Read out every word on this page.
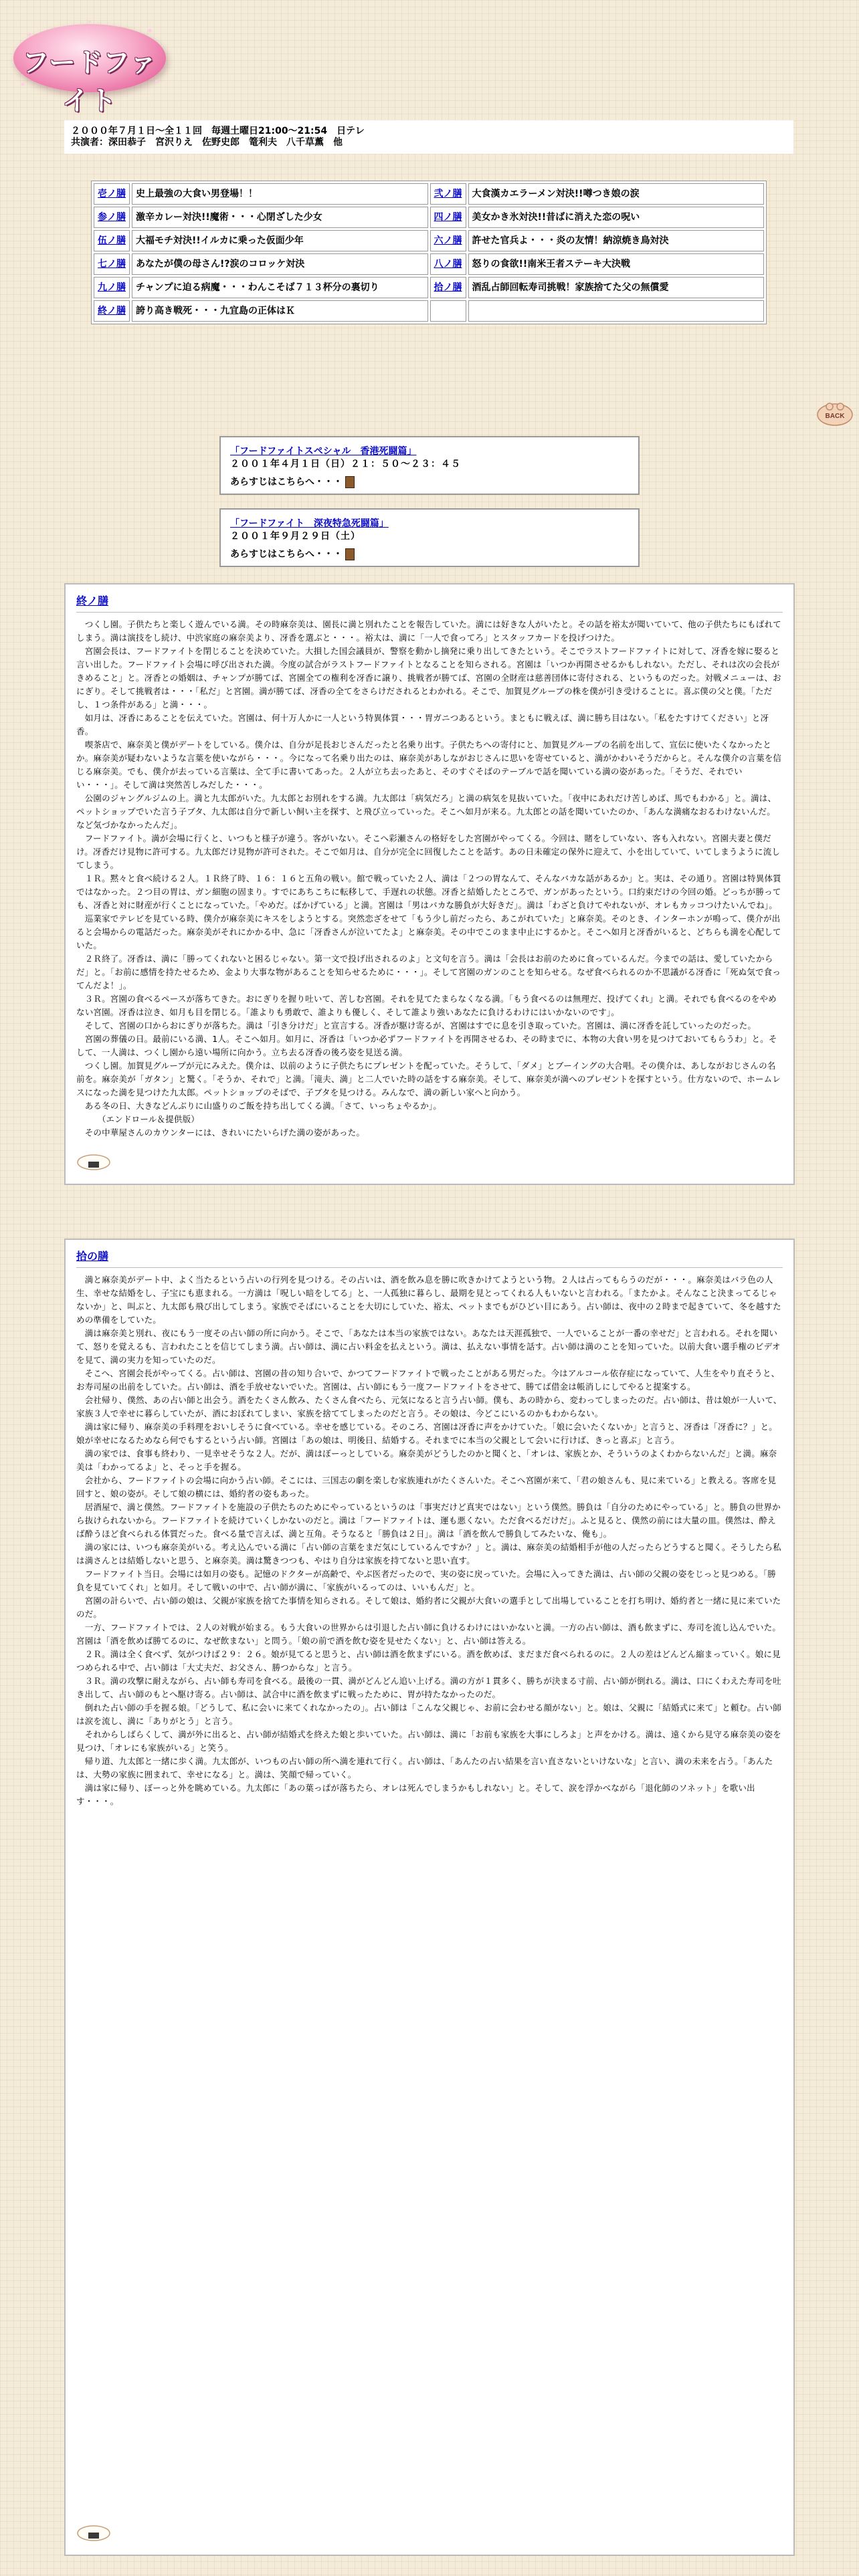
フードファイト
２０００年７月１日～全１１回　毎週土曜日21:00～21:54　日テレ
共演者：深田恭子　宮沢りえ　佐野史郎　篭利夫　八千草薫　他
壱ノ膳	史上最強の大食い男登場！！	弐ノ膳	大食漢カエラーメン対決!!噂つき娘の涙
参ノ膳	激辛カレー対決!!魔術・・・心閉ざした少女	四ノ膳	美女かき氷対決!!昔ばに消えた恋の呪い
伍ノ膳	大福モチ対決!!イルカに乗った仮面少年	六ノ膳	許せた官兵よ・・・炎の友情！納涼焼き鳥対決
七ノ膳	あなたが僕の母さん!?涙のコロッケ対決	八ノ膳	怒りの食欲!!南米王者ステーキ大決戦
九ノ膳	チャンプに迫る病魔・・・わんこそば７１３杯分の裏切り	拾ノ膳	酒乱占師回転寿司挑戦！家族捨てた父の無償愛
終ノ膳	誇り高き戦死・・・九宜島の正体はＫ		
BACK
「フードファイトスペシャル　香港死闘篇」
２００１年４月１日（日）２１：５０～２３：４５
あらすじはこちらへ・・・
「フードファイト　深夜特急死闘篇」
２００１年９月２９日（土）
あらすじはこちらへ・・・
終ノ膳
　つくし園。子供たちと楽しく遊んでいる満。その時麻奈美は、園長に満と別れたことを報告していた。満には好きな人がいたと。その話を裕太が聞いていて、他の子供たちにもばれてしまう。満は演技をし続け、中渋家庭の麻奈美より、冴香を選ぶと・・・。裕太は、満に「一人で食ってろ」とスタッフカードを投げつけた。
　宮園会長は、フードファイトを閉じることを決めていた。大損した国会議員が、警察を動かし摘発に乗り出してきたという。そこでラストフードファイトに対して、冴香を嫁に娶ると言い出した。フードファイト会場に呼び出された満。今度の試合がラストフードファイトとなることを知らされる。宮園は「いつか再開させるかもしれない。ただし、それは次の会長がきめること」と。冴香との婚姻は、チャンプが勝てば、宮園全ての権利を冴香に譲り、挑戦者が勝てば、宮園の全財産は慈善団体に寄付される、というものだった。対戦メニューは、おにぎり。そして挑戦者は・・・「私だ」と宮園。満が勝てば、冴香の全てをさらけだされるとわかれる。そこで、加賀見グループの株を僕が引き受けることに。喜ぶ僕の父と僕。「ただし、１つ条件がある」と満・・・。
　如月は、冴香にあることを伝えていた。宮園は、何十万人かに一人という特異体質・・・胃ガニつあるという。まともに戦えば、満に勝ち目はない。「私をたすけてください」と冴香。
　喫茶店で、麻奈美と僕がデートをしている。僕介は、自分が足長おじさんだったと名乗り出す。子供たちへの寄付にと、加賀見グループの名前を出して、宣伝に使いたくなかったとか。麻奈美が疑わないような言葉を使いながら・・・。今になって名乗り出たのは、麻奈美があしながおじさんに思いを寄せていると、満がかわいそうだからと。そんな僕介の言葉を信じる麻奈美。でも、僕介が去っている言葉は、全て手に書いてあった。２人が立ち去ったあと、そのすぐそばのテーブルで話を聞いている満の姿があった。「そうだ、それでいい・・・」。そして満は突然苦しみだした・・・。
　公園のジャングルジムの上。満と九太郎がいた。九太郎とお別れをする満。九太郎は「病気だろ」と満の病気を見抜いていた。「夜中にあれだけ苦しめば、馬でもわかる」と。満は、ペットショップでいた言う子ブタ、九太郎は自分で新しい飼い主を探す、と飛び立っていった。そこへ如月が来る。九太郎との話を聞いていたのか、「あんな満痛なおるわけないんだ。など気づかなかったんだ」。
　フードファイト。満が会場に行くと、いつもと様子が違う。客がいない。そこへ彩瀬さんの格好をした宮園がやってくる。今回は、賭をしていない、客も入れない。宮園夫妻と僕だけ。冴香だけ見物に許可する。九太郎だけ見物が許可された。そこで如月は、自分が完全に回復したことを話す。あの日未確定の保外に迎えて、小を出していて、いてしまうように流してしまう。
　１Ｒ。黙々と食べ続ける２人。１Ｒ終了時、１６：１６と五角の戦い。館で戦っていた２人、満は「２つの胃なんて、そんなバカな話があるか」と。実は、その通り。宮園は特異体質ではなかった。２つ目の胃は、ガン細胞の固まり。すでにあちこちに転移して、手遅れの状態。冴香と結婚したところで、ガンがあったという。口約束だけの今回の婚。どっちが勝っても、冴香と対に財産が行くことになっていた。「やめだ。ばかげている」と満。宮園は「男はバカな勝負が大好きだ」。満は「わざと負けてやれないが、オレもカッコつけたいんでね」。
　巡業家でテレビを見ている時、僕介が麻奈美にキスをしようとする。突然恋ざをせて「もう少し前だったら、あこがれていた」と麻奈美。そのとき、インターホンが鳴って、僕介が出ると会場からの電話だった。麻奈美がそれにかかる中、急に「冴香さんが泣いてたよ」と麻奈美。その中でこのまま中止にするかと。そこへ如月と冴香がいると、どちらも満を心配していた。
　２Ｒ終了。冴香は、満に「勝ってくれないと困るじゃない。第一文で投げ出されるのよ」と文句を言う。満は「会長はお前のために食っているんだ。今までの話は、愛していたからだ」と。「お前に感情を持たせるため、金より大事な物があることを知らせるために・・・」。そして宮園のガンのことを知らせる。なぜ食べられるのか不思議がる冴香に「死ぬ気で食ってんだよ！」。
　３Ｒ。宮園の食べるペースが落ちてきた。おにぎりを握り吐いて、苦しむ宮園。それを見てたまらなくなる満。「もう食べるのは無理だ、投げてくれ」と満。それでも食べるのをやめない宮園。冴香は泣き、如月も目を閉じる。「誰よりも勇敢で、誰よりも優しく、そして誰より強いあなたに負けるわけにはいかないのです」。
　そして、宮園の口からおにぎりが落ちた。満は「引き分けだ」と宣言する。冴香が駆け寄るが、宮園はすでに息を引き取っていた。宮園は、満に冴香を託していったのだった。
　宮園の葬儀の日。最前にいる満、1人。そこへ如月。如月に、冴香は「いつか必ずフードファイトを再開させるわ、その時までに、本物の大食い男を見つけておいてもらうわ」と。そして、一人満は、つくし園から遠い場所に向かう。立ち去る冴香の後ろ姿を見送る満。
　つくし園。加賀見グループが元にみえた。僕介は、以前のように子供たちにプレゼントを配っていた。そうして、「ダメ」とブーイングの大合唱。その僕介は、あしながおじさんの名前を。麻奈美が「ガタン」と驚く。「そうか、それで」と満。「滝夫、満」と二人でいた時の話をする麻奈美。そして、麻奈美が満へのプレゼントを探すという。仕方ないので、ホームレスになった満を見つけた九太郎。ペットショップのそばで、子ブタを見つける。みんなで、満の新しい家へと向かう。
　ある冬の日、大きなどんぶりに山盛りのご飯を持ち出してくる満。「さて、いっちょやるか」。
　　　（エンドロール＆提供版）
　その中華屋さんのカウンターには、きれいにたいらげた満の姿があった。
拾の膳
　満と麻奈美がデート中、よく当たるという占いの行列を見つける。その占いは、酒を飲み息を勝に吹きかけてようという物。２人は占ってもらうのだが・・・。麻奈美はバラ色の人生、幸せな結婚をし、子宝にも恵まれる。一方満は「呪しい暗をしてる」と、一人孤独に暮らし、最期を見とってくれる人もいないと言われる。「またかよ。そんなこと決まってるじゃないか」と、叫ぶと、九太郎も飛び出してしまう。家族でそばにいることを大切にしていた、裕太、ペットまでもがひどい目にあう。占い師は、夜中の２時まで起きていて、冬を越すための準備をしていた。
　満は麻奈美と別れ、夜にもう一度その占い師の所に向かう。そこで、「あなたは本当の家族ではない。あなたは天涯孤独で、一人でいることが一番の幸せだ」と言われる。それを聞いて、怒りを覚えるも、言われたことを信じてしまう満。占い師は、満に占い料金を払えという。満は、払えない事情を話す。占い師は満のことを知っていた。以前大食い選手権のビデオを見て、満の実力を知っていたのだ。
　そこへ、宮園会長がやってくる。占い師は、宮園の昔の知り合いで、かつてフードファイトで戦ったことがある男だった。今はアルコール依存症になっていて、人生をやり直そうと、お寿司屋の出前をしていた。占い師は、酒を手放せないでいた。宮園は、占い師にもう一度フードファイトをさせて、勝てば借金は帳消しにしてやると提案する。
　会社帰り、僕然、あの占い師と出会う。酒をたくさん飲み、たくさん食べたら、元気になると言う占い師。僕も、あの時から、変わってしまったのだ。占い師は、昔は娘が一人いて、家族３人で幸せに暮らしていたが、酒におぼれてしまい、家族を捨ててしまったのだと言う。その娘は、今どこにいるのかもわからない。
　満は家に帰り、麻奈美の手料理をおいしそうに食べている。幸せを感じている。そのころ、宮園は冴香に声をかけていた。「娘に会いたくないか」と言うと、冴香は「冴香に？」と。娘が幸せになるためなら何でもするという占い師。宮園は「あの娘は、明後日、結婚する。それまでに本当の父親として会いに行けば、きっと喜ぶ」と言う。
　満の家では、食事も終わり、一見幸せそうな２人。だが、満はぼーっとしている。麻奈美がどうしたのかと聞くと、「オレは、家族とか、そういうのよくわからないんだ」と満。麻奈美は「わかってるよ」と、そっと手を握る。
　会社から、フードファイトの会場に向かう占い師。そこには、三国志の劇を楽しむ家族連れがたくさんいた。そこへ宮園が来て、「君の娘さんも、見に来ている」と教える。客席を見回すと、娘の姿が。そして娘の横には、婚約者の姿もあった。
　居酒屋で、満と僕然。フードファイトを施設の子供たちのためにやっているというのは「事実だけど真実ではない」という僕然。勝負は「自分のためにやっている」と。勝負の世界から抜けられないから。フードファイトを続けていくしかないのだと。満は「フードファイトは、運も悪くない。ただ食べるだけだ」。ふと見ると、僕然の前には大量の皿。僕然は、酔えば酔うほど食べられる体質だった。食べる量で言えば、満と互角。そうなると「勝負は２日」。満は「酒を飲んで勝負してみたいな、俺も」。
　満の家には、いつも麻奈美がいる。考え込んでいる満に「占い師の言葉をまだ気にしているんですか？」と。満は、麻奈美の結婚相手が他の人だったらどうすると聞く。そうしたら私は満さんとは結婚しないと思う、と麻奈美。満は驚きつつも、やはり自分は家族を持てないと思い直す。
　フードファイト当日。会場には如月の姿も。記憶のドクターが高齢で、やぶ医者だったので、実の姿に戻っていた。会場に入ってきた満は、占い師の父親の姿をじっと見つめる。「勝負を見ていてくれ」と如月。そして戦いの中で、占い師が満に、「家族がいるってのは、いいもんだ」と。
　宮園の計らいで、占い師の娘は、父親が家族を捨てた事情を知らされる。そして娘は、婚約者に父親が大食いの選手として出場していることを打ち明け、婚約者と一緒に見に来ていたのだ。
　一方、フードファイトでは、２人の対戦が始まる。もう大食いの世界からは引退した占い師に負けるわけにはいかないと満。一方の占い師は、酒も飲まずに、寿司を流し込んでいた。宮園は「酒を飲めば勝てるのに、なぜ飲まない」と問う。「娘の前で酒を飲む姿を見せたくない」と、占い師は答える。
　２Ｒ。満は全く食べず、気がつけば２９：２６。娘が見てると思うと、占い師は酒を飲まずにいる。酒を飲めば、まだまだ食べられるのに。２人の差はどんどん縮まっていく。娘に見つめられる中で、占い師は「大丈夫だ、お父さん、勝つからな」と言う。
　３Ｒ。満の攻撃に耐えながら、占い師も寿司を食べる。最後の一貫、満がどんどん追い上げる。満の方が１貫多く、勝ちが決まる寸前、占い師が倒れる。満は、口にくわえた寿司を吐き出して、占い師のもとへ駆け寄る。占い師は、試合中に酒を飲まずに戦ったために、胃が持たなかったのだ。
　倒れた占い師の手を握る娘。「どうして、私に会いに来てくれなかったの」。占い師は「こんな父親じゃ、お前に会わせる顔がない」と。娘は、父親に「結婚式に来て」と頼む。占い師は涙を流し、満に「ありがとう」と言う。
　それからしばらくして、満が外に出ると、占い師が結婚式を終えた娘と歩いていた。占い師は、満に「お前も家族を大事にしろよ」と声をかける。満は、遠くから見守る麻奈美の姿を見つけ、「オレにも家族がいる」と笑う。
　帰り道、九太郎と一緒に歩く満。九太郎が、いつもの占い師の所へ満を連れて行く。占い師は、「あんたの占い結果を言い直さないといけないな」と言い、満の未来を占う。「あんたは、大勢の家族に囲まれて、幸せになる」と。満は、笑顔で帰っていく。
　満は家に帰り、ぼーっと外を眺めている。九太郎に「あの葉っぱが落ちたら、オレは死んでしまうかもしれない」と。そして、涙を浮かべながら「退化師のソネット」を歌い出す・・・。
